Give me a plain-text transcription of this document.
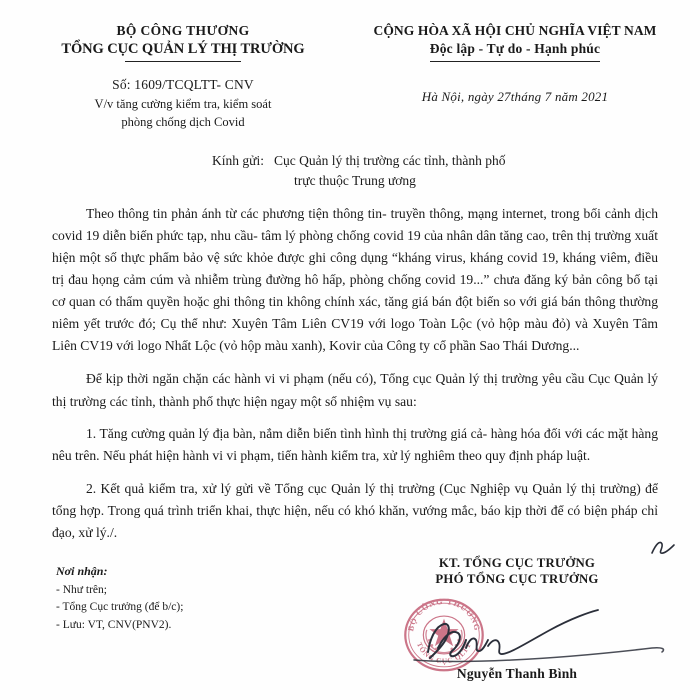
BỘ CÔNG THƯƠNG
TỔNG CỤC QUẢN LÝ THỊ TRƯỜNG
Số: 1609/TCQLTT- CNV
V/v tăng cường kiểm tra, kiểm soát
phòng chống dịch Covid
CỘNG HÒA XÃ HỘI CHỦ NGHĨA VIỆT NAM
Độc lập - Tự do - Hạnh phúc
Hà Nội, ngày 27tháng 7 năm 2021
Kính gửi: Cục Quản lý thị trường các tỉnh, thành phố
trực thuộc Trung ương

Theo thông tin phản ánh từ các phương tiện thông tin- truyền thông, mạng internet, trong bối cảnh dịch covid 19 diễn biến phức tạp, nhu cầu- tâm lý phòng chống covid 19 của nhân dân tăng cao, trên thị trường xuất hiện một số thực phẩm bảo vệ sức khỏe được ghi công dụng “kháng virus, kháng covid 19, kháng viêm, điều trị đau họng cảm cúm và nhiễm trùng đường hô hấp, phòng chống covid 19...” chưa đăng ký bản công bố tại cơ quan có thẩm quyền hoặc ghi thông tin không chính xác, tăng giá bán đột biến so với giá bán thông thường niêm yết trước đó; Cụ thể như: Xuyên Tâm Liên CV19 với logo Toàn Lộc (vỏ hộp màu đỏ) và Xuyên Tâm Liên CV19 với logo Nhất Lộc (vỏ hộp màu xanh), Kovir của Công ty cổ phần Sao Thái Dương...

Để kịp thời ngăn chặn các hành vi vi phạm (nếu có), Tổng cục Quản lý thị trường yêu cầu Cục Quản lý thị trường các tỉnh, thành phố thực hiện ngay một số nhiệm vụ sau:

1. Tăng cường quản lý địa bàn, nắm diễn biến tình hình thị trường giá cả- hàng hóa đối với các mặt hàng nêu trên. Nếu phát hiện hành vi vi phạm, tiến hành kiểm tra, xử lý nghiêm theo quy định pháp luật.

2. Kết quả kiểm tra, xử lý gửi về Tổng cục Quản lý thị trường (Cục Nghiệp vụ Quản lý thị trường) để tổng hợp. Trong quá trình triển khai, thực hiện, nếu có khó khăn, vướng mắc, báo kịp thời để có biện pháp chỉ đạo, xử lý./.

Nơi nhận:
- Như trên;
- Tổng Cục trưởng (để b/c);
- Lưu: VT, CNV(PNV2).
KT. TỔNG CỤC TRƯỞNG
PHÓ TỔNG CỤC TRƯỞNG
Nguyễn Thanh Bình
BỘ CÔNG THƯƠNG
TỔNG CỤC QLTT
